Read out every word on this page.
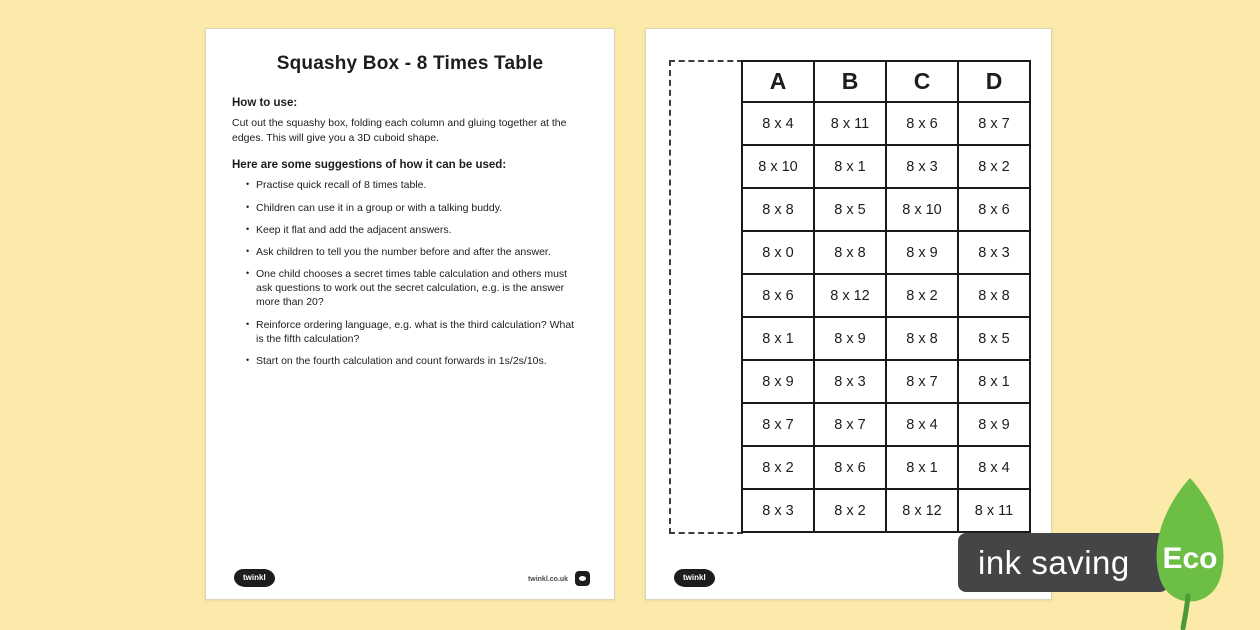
Squashy Box - 8 Times Table
How to use:
Cut out the squashy box, folding each column and gluing together at the edges. This will give you a 3D cuboid shape.
Here are some suggestions of how it can be used:
• Practise quick recall of 8 times table.
• Children can use it in a group or with a talking buddy.
• Keep it flat and add the adjacent answers.
• Ask children to tell you the number before and after the answer.
• One child chooses a secret times table calculation and others must ask questions to work out the secret calculation, e.g. is the answer more than 20?
• Reinforce ordering language, e.g. what is the third calculation? What is the fifth calculation?
• Start on the fourth calculation and count forwards in 1s/2s/10s.
twinkl	twinkl.co.uk
A	B	C	D
8 x 4	8 x 11	8 x 6	8 x 7
8 x 10	8 x 1	8 x 3	8 x 2
8 x 8	8 x 5	8 x 10	8 x 6
8 x 0	8 x 8	8 x 9	8 x 3
8 x 6	8 x 12	8 x 2	8 x 8
8 x 1	8 x 9	8 x 8	8 x 5
8 x 9	8 x 3	8 x 7	8 x 1
8 x 7	8 x 7	8 x 4	8 x 9
8 x 2	8 x 6	8 x 1	8 x 4
8 x 3	8 x 2	8 x 12	8 x 11
twinkl	ink saving	Eco
